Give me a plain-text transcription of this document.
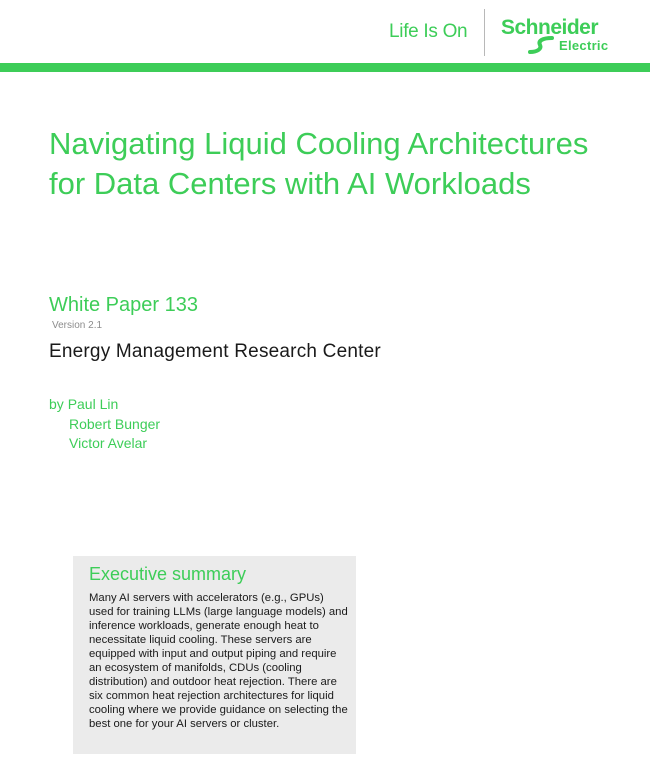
Life Is On Schneider
Electric
Navigating Liquid Cooling Architectures for Data Centers with AI Workloads
White Paper 133
Version 2.1
Energy Management Research Center
by Paul Lin
Robert Bunger
Victor Avelar
Executive summary

Many AI servers with accelerators (e.g., GPUs) used for training LLMs (large language models) and inference workloads, generate enough heat to necessitate liquid cooling. These servers are equipped with input and output piping and require an ecosystem of manifolds, CDUs (cooling distribution) and outdoor heat rejection. There are six common heat rejection architectures for liquid cooling where we provide guidance on selecting the best one for your AI servers or cluster.
